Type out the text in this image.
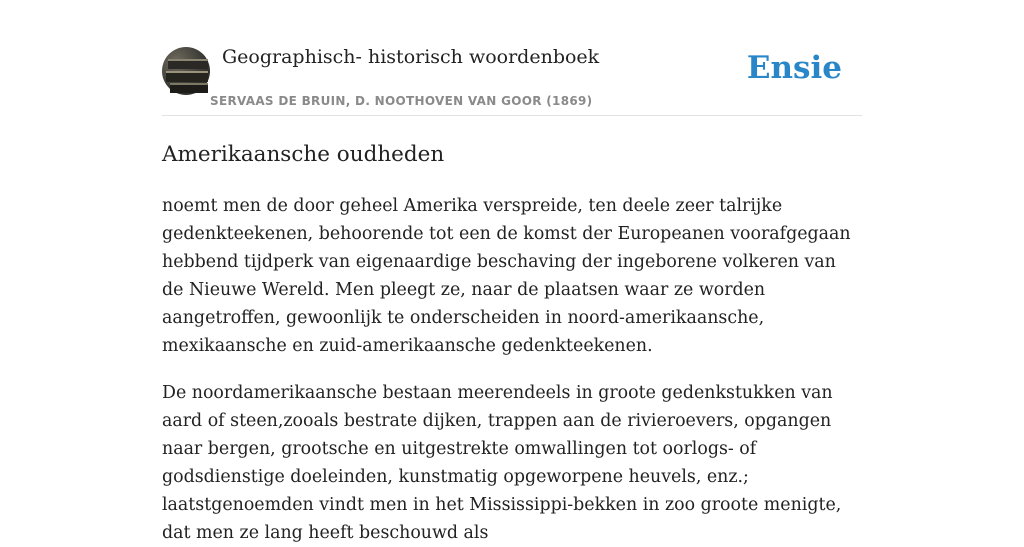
Geographisch- historisch woordenboek
SERVAAS DE BRUIN, D. NOOTHOVEN VAN GOOR (1869)
Ensie
Amerikaansche oudheden

noemt men de door geheel Amerika verspreide, ten deele zeer talrijke gedenkteekenen, behoorende tot een de komst der Europeanen voorafgegaan hebbend tijdperk van eigenaardige beschaving der ingeborene volkeren van de Nieuwe Wereld. Men pleegt ze, naar de plaatsen waar ze worden aangetroffen, gewoonlijk te onderscheiden in noord-amerikaansche, mexikaansche en zuid-amerikaansche gedenkteekenen.

De noordamerikaansche bestaan meerendeels in groote gedenkstukken van aard of steen,zooals bestrate dijken, trappen aan de rivieroevers, opgangen naar bergen, grootsche en uitgestrekte omwallingen tot oorlogs- of godsdienstige doeleinden, kunstmatig opgeworpene heuvels, enz.; laatstgenoemden vindt men in het Mississippi-bekken in zoo groote menigte, dat men ze lang heeft beschouwd als
